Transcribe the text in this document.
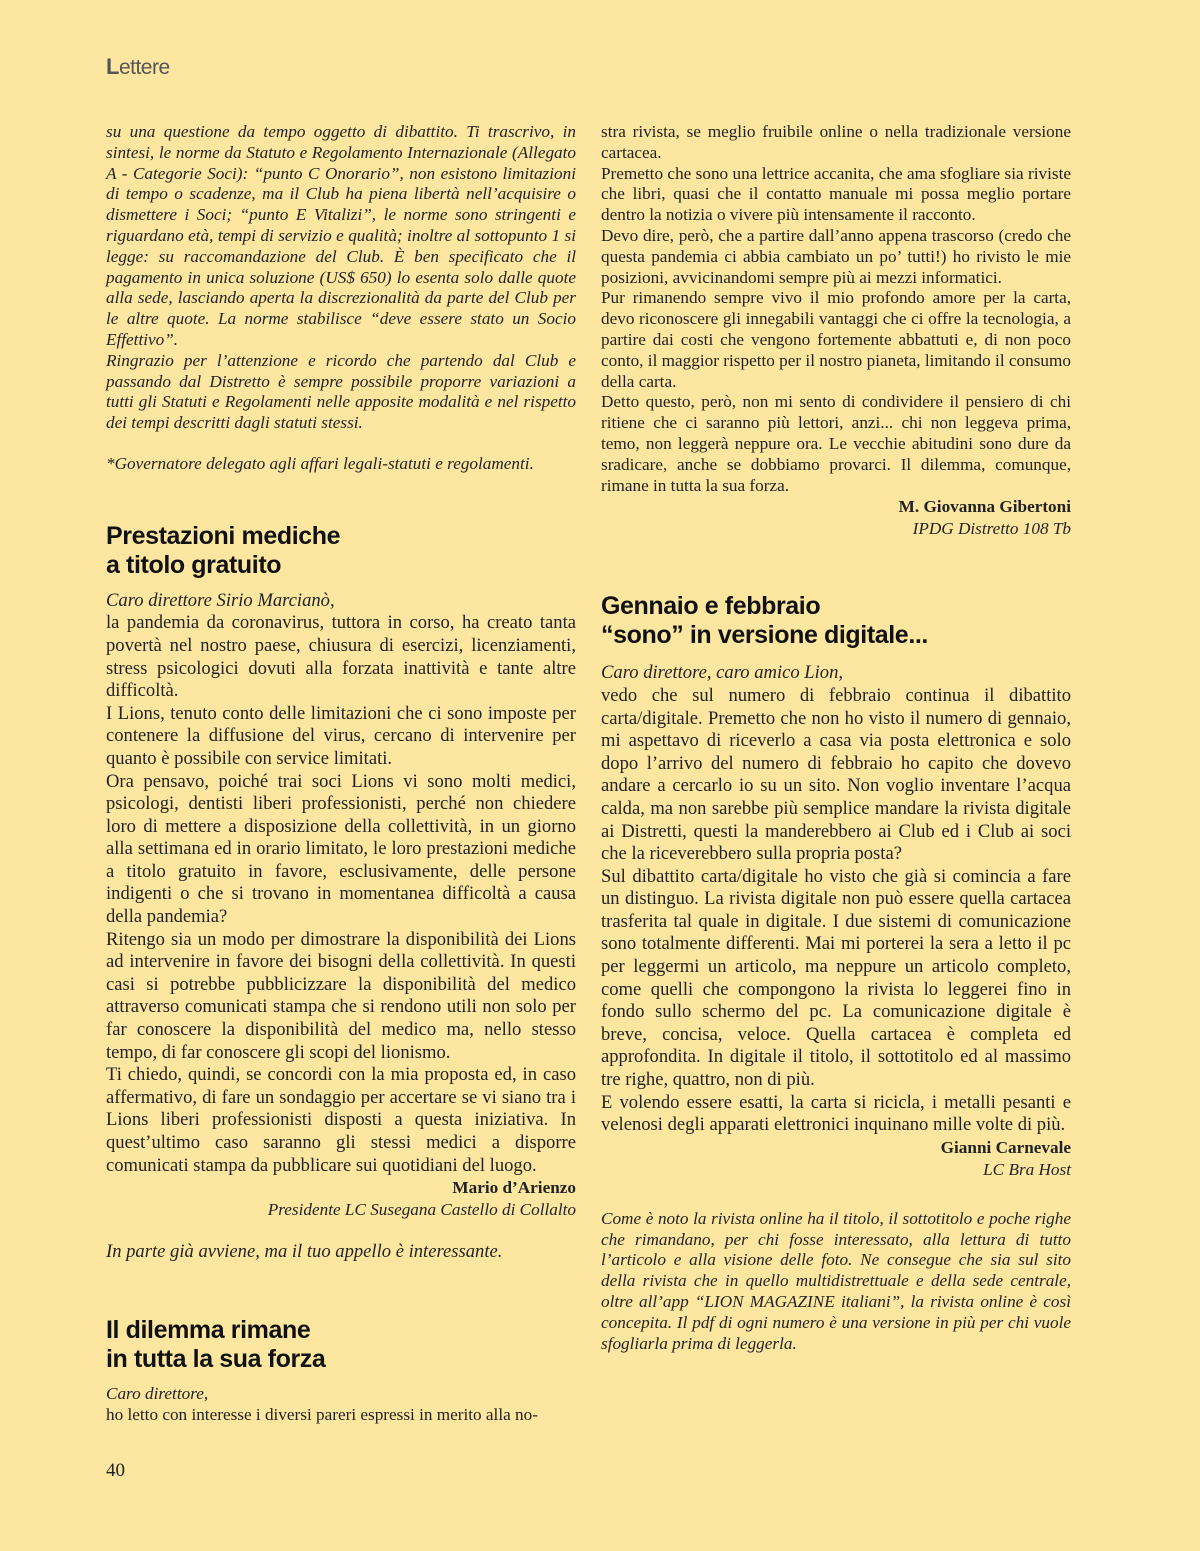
Lettere

su una questione da tempo oggetto di dibattito. Ti trascrivo, in sintesi, le norme da Statuto e Regolamento Internazionale (Allegato A - Categorie Soci): “punto C Onorario”, non esistono limitazioni di tempo o scadenze, ma il Club ha piena libertà nell’acquisire o dismettere i Soci; “punto E Vitalizi”, le norme sono stringenti e riguardano età, tempi di servizio e qualità; inoltre al sottopunto 1 si legge: su raccomandazione del Club. È ben specificato che il pagamento in unica soluzione (US$ 650) lo esenta solo dalle quote alla sede, lasciando aperta la discrezionalità da parte del Club per le altre quote. La norme stabilisce “deve essere stato un Socio Effettivo”.

Ringrazio per l’attenzione e ricordo che partendo dal Club e passando dal Distretto è sempre possibile proporre variazioni a tutti gli Statuti e Regolamenti nelle apposite modalità e nel rispetto dei tempi descritti dagli statuti stessi.

*Governatore delegato agli affari legali-statuti e regolamenti.

Prestazioni mediche
a titolo gratuito

Caro direttore Sirio Marcianò,

la pandemia da coronavirus, tuttora in corso, ha creato tanta povertà nel nostro paese, chiusura di esercizi, licenziamenti, stress psicologici dovuti alla forzata inattività e tante altre difficoltà.

I Lions, tenuto conto delle limitazioni che ci sono imposte per contenere la diffusione del virus, cercano di intervenire per quanto è possibile con service limitati.

Ora pensavo, poiché trai soci Lions vi sono molti medici, psicologi, dentisti liberi professionisti, perché non chiedere loro di mettere a disposizione della collettività, in un giorno alla settimana ed in orario limitato, le loro prestazioni mediche a titolo gratuito in favore, esclusivamente, delle persone indigenti o che si trovano in momentanea difficoltà a causa della pandemia?

Ritengo sia un modo per dimostrare la disponibilità dei Lions ad intervenire in favore dei bisogni della collettività. In questi casi si potrebbe pubblicizzare la disponibilità del medico attraverso comunicati stampa che si rendono utili non solo per far conoscere la disponibilità del medico ma, nello stesso tempo, di far conoscere gli scopi del lionismo.

Ti chiedo, quindi, se concordi con la mia proposta ed, in caso affermativo, di fare un sondaggio per accertare se vi siano tra i Lions liberi professionisti disposti a questa iniziativa. In quest’ultimo caso saranno gli stessi medici a disporre comunicati stampa da pubblicare sui quotidiani del luogo.

Mario d’Arienzo

Presidente LC Susegana Castello di Collalto

In parte già avviene, ma il tuo appello è interessante.

Il dilemma rimane
in tutta la sua forza

Caro direttore,

ho letto con interesse i diversi pareri espressi in merito alla no-

stra rivista, se meglio fruibile online o nella tradizionale versione cartacea.

Premetto che sono una lettrice accanita, che ama sfogliare sia riviste che libri, quasi che il contatto manuale mi possa meglio portare dentro la notizia o vivere più intensamente il racconto.

Devo dire, però, che a partire dall’anno appena trascorso (credo che questa pandemia ci abbia cambiato un po’ tutti!) ho rivisto le mie posizioni, avvicinandomi sempre più ai mezzi informatici.

Pur rimanendo sempre vivo il mio profondo amore per la carta, devo riconoscere gli innegabili vantaggi che ci offre la tecnologia, a partire dai costi che vengono fortemente abbattuti e, di non poco conto, il maggior rispetto per il nostro pianeta, limitando il consumo della carta.

Detto questo, però, non mi sento di condividere il pensiero di chi ritiene che ci saranno più lettori, anzi... chi non leggeva prima, temo, non leggerà neppure ora. Le vecchie abitudini sono dure da sradicare, anche se dobbiamo provarci. Il dilemma, comunque, rimane in tutta la sua forza.

M. Giovanna Gibertoni

IPDG Distretto 108 Tb

Gennaio e febbraio
“sono” in versione digitale...

Caro direttore, caro amico Lion,

vedo che sul numero di febbraio continua il dibattito carta/digitale. Premetto che non ho visto il numero di gennaio, mi aspettavo di riceverlo a casa via posta elettronica e solo dopo l’arrivo del numero di febbraio ho capito che dovevo andare a cercarlo io su un sito. Non voglio inventare l’acqua calda, ma non sarebbe più semplice mandare la rivista digitale ai Distretti, questi la manderebbero ai Club ed i Club ai soci che la riceverebbero sulla propria posta?

Sul dibattito carta/digitale ho visto che già si comincia a fare un distinguo. La rivista digitale non può essere quella cartacea trasferita tal quale in digitale. I due sistemi di comunicazione sono totalmente differenti. Mai mi porterei la sera a letto il pc per leggermi un articolo, ma neppure un articolo completo, come quelli che compongono la rivista lo leggerei fino in fondo sullo schermo del pc. La comunicazione digitale è breve, concisa, veloce. Quella cartacea è completa ed approfondita. In digitale il titolo, il sottotitolo ed al massimo tre righe, quattro, non di più.

E volendo essere esatti, la carta si ricicla, i metalli pesanti e velenosi degli apparati elettronici inquinano mille volte di più.

Gianni Carnevale

LC Bra Host

Come è noto la rivista online ha il titolo, il sottotitolo e poche righe che rimandano, per chi fosse interessato, alla lettura di tutto l’articolo e alla visione delle foto. Ne consegue che sia sul sito della rivista che in quello multidistrettuale e della sede centrale, oltre all’app “LION MAGAZINE italiani”, la rivista online è così concepita. Il pdf di ogni numero è una versione in più per chi vuole sfogliarla prima di leggerla.

40
